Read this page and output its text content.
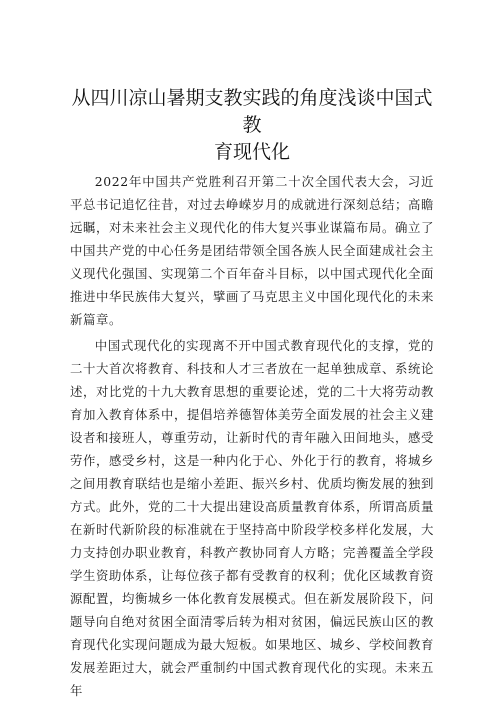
从四川凉山暑期支教实践的角度浅谈中国式教
育现代化

2022年中国共产党胜利召开第二十次全国代表大会，习近平总书记追忆往昔，对过去峥嵘岁月的成就进行深刻总结；高瞻远瞩，对未来社会主义现代化的伟大复兴事业谋篇布局。确立了中国共产党的中心任务是团结带领全国各族人民全面建成社会主义现代化强国、实现第二个百年奋斗目标，以中国式现代化全面推进中华民族伟大复兴，擘画了马克思主义中国化现代化的未来新篇章。

中国式现代化的实现离不开中国式教育现代化的支撑，党的二十大首次将教育、科技和人才三者放在一起单独成章、系统论述，对比党的十九大教育思想的重要论述，党的二十大将劳动教育加入教育体系中，提倡培养德智体美劳全面发展的社会主义建设者和接班人，尊重劳动，让新时代的青年融入田间地头，感受劳作，感受乡村，这是一种内化于心、外化于行的教育，将城乡之间用教育联结也是缩小差距、振兴乡村、优质均衡发展的独到方式。此外，党的二十大提出建设高质量教育体系，所谓高质量在新时代新阶段的标准就在于坚持高中阶段学校多样化发展，大力支持创办职业教育，科教产教协同育人方略；完善覆盖全学段学生资助体系，让每位孩子都有受教育的权利；优化区域教育资源配置，均衡城乡一体化教育发展模式。但在新发展阶段下，问题导向自绝对贫困全面清零后转为相对贫困，偏远民族山区的教育现代化实现问题成为最大短板。如果地区、城乡、学校间教育发展差距过大，就会严重制约中国式教育现代化的实现。未来五年
